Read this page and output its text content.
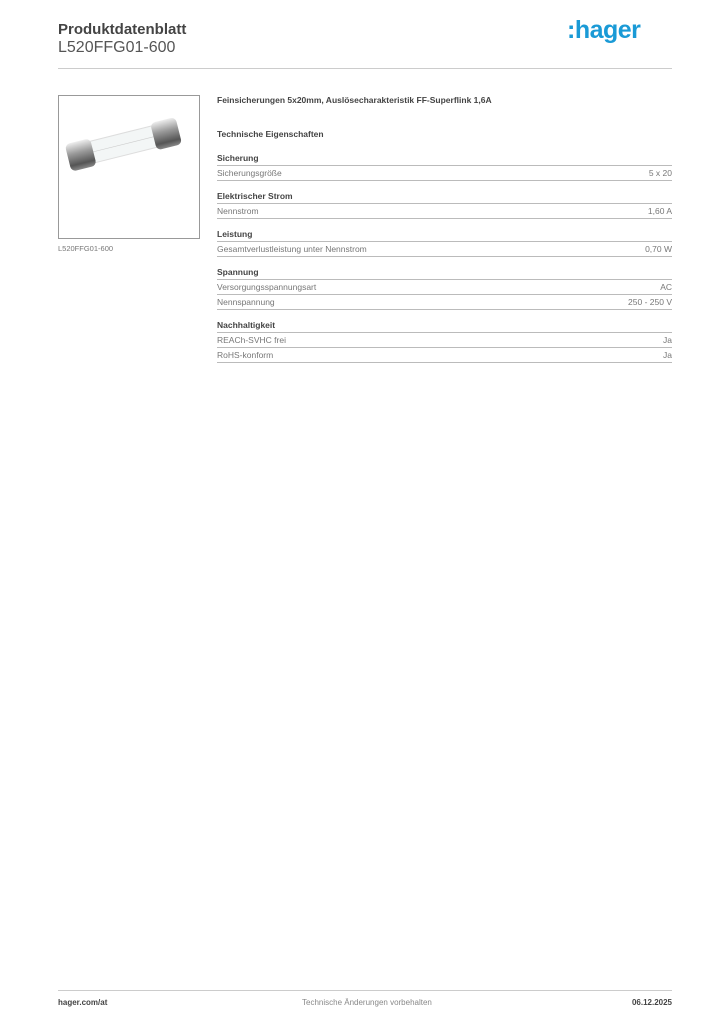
Produktdatenblatt
L520FFG01-600
:hager
L520FFG01-600
Feinsicherungen 5x20mm, Auslösecharakteristik FF-Superflink 1,6A
Technische Eigenschaften
Sicherung
Sicherungsgröße	5 x 20
Elektrischer Strom
Nennstrom	1,60 A
Leistung
Gesamtverlustleistung unter Nennstrom	0,70 W
Spannung
Versorgungsspannungsart	AC
Nennspannung	250 - 250 V
Nachhaltigkeit
REACh-SVHC frei	Ja
RoHS-konform	Ja
hager.com/at	Technische Änderungen vorbehalten	06.12.2025
